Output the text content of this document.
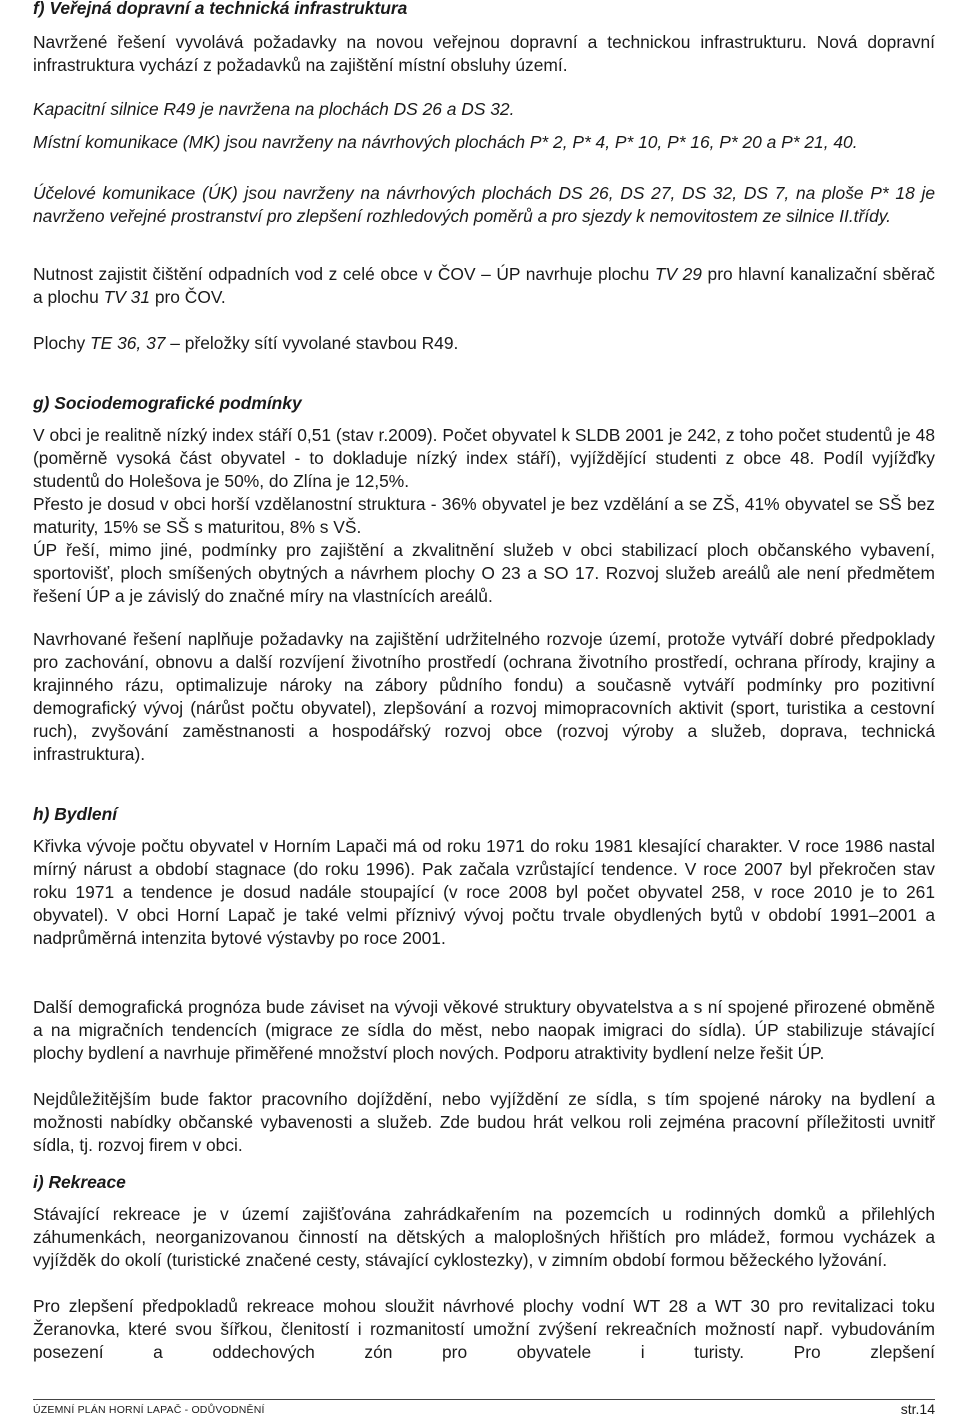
f) Veřejná dopravní a technická infrastruktura

Navržené řešení vyvolává požadavky na novou veřejnou dopravní a technickou infrastrukturu. Nová dopravní infrastruktura vychází z požadavků na zajištění místní obsluhy území.

Kapacitní silnice R49 je navržena na plochách DS 26 a DS 32.

Místní komunikace (MK) jsou navrženy na návrhových plochách P* 2, P* 4, P* 10, P* 16, P* 20 a P* 21, 40.

Účelové komunikace (ÚK) jsou navrženy na návrhových plochách DS 26, DS 27, DS 32, DS 7, na ploše P* 18 je navrženo veřejné prostranství pro zlepšení rozhledových poměrů a pro sjezdy k nemovitostem ze silnice II.třídy.

Nutnost zajistit čištění odpadních vod z celé obce v ČOV – ÚP navrhuje plochu TV 29 pro hlavní kanalizační sběrač a plochu TV 31 pro ČOV.

Plochy TE 36, 37 – přeložky sítí vyvolané stavbou R49.

g) Sociodemografické podmínky

V obci je realitně nízký index stáří 0,51 (stav r.2009). Počet obyvatel k SLDB 2001 je 242, z toho počet studentů je 48 (poměrně vysoká část obyvatel - to dokladuje nízký index stáří), vyjíždějící studenti z obce 48. Podíl vyjížďky studentů do Holešova je 50%, do Zlína je 12,5%.

Přesto je dosud v obci horší vzdělanostní struktura - 36% obyvatel je bez vzdělání a se ZŠ, 41% obyvatel se SŠ bez maturity, 15% se SŠ s maturitou, 8% s VŠ.

ÚP řeší, mimo jiné, podmínky pro zajištění a zkvalitnění služeb v obci stabilizací ploch občanského vybavení, sportovišť, ploch smíšených obytných a návrhem plochy O 23 a SO 17. Rozvoj služeb areálů ale není předmětem řešení ÚP a je závislý do značné míry na vlastnících areálů.

Navrhované řešení naplňuje požadavky na zajištění udržitelného rozvoje území, protože vytváří dobré předpoklady pro zachování, obnovu a další rozvíjení životního prostředí (ochrana životního prostředí, ochrana přírody, krajiny a krajinného rázu, optimalizuje nároky na zábory půdního fondu) a současně vytváří podmínky pro pozitivní demografický vývoj (nárůst počtu obyvatel), zlepšování a rozvoj mimopracovních aktivit (sport, turistika a cestovní ruch), zvyšování zaměstnanosti a hospodářský rozvoj obce (rozvoj výroby a služeb, doprava, technická infrastruktura).

h) Bydlení

Křivka vývoje počtu obyvatel v Horním Lapači má od roku 1971 do roku 1981 klesající charakter. V roce 1986 nastal mírný nárust a období stagnace (do roku 1996). Pak začala vzrůstající tendence. V roce 2007 byl překročen stav roku 1971 a tendence je dosud nadále stoupající (v roce 2008 byl počet obyvatel 258, v roce 2010 je to 261 obyvatel). V obci Horní Lapač je také velmi příznivý vývoj počtu trvale obydlených bytů v období 1991–2001 a nadprůměrná intenzita bytové výstavby po roce 2001.

Další demografická prognóza bude záviset na vývoji věkové struktury obyvatelstva a s ní spojené přirozené obměně a na migračních tendencích (migrace ze sídla do měst, nebo naopak imigraci do sídla). ÚP stabilizuje stávající plochy bydlení a navrhuje přiměřené množství ploch nových. Podporu atraktivity bydlení nelze řešit ÚP.

Nejdůležitějším bude faktor pracovního dojíždění, nebo vyjíždění ze sídla, s tím spojené nároky na bydlení a možnosti nabídky občanské vybavenosti a služeb. Zde budou hrát velkou roli zejména pracovní příležitosti uvnitř sídla, tj. rozvoj firem v obci.

i) Rekreace

Stávající rekreace je v území zajišťována zahrádkařením na pozemcích u rodinných domků a přilehlých záhumenkách, neorganizovanou činností na dětských a maloplošných hřištích pro mládež, formou vycházek a vyjížděk do okolí (turistické značené cesty, stávající cyklostezky), v zimním období formou běžeckého lyžování.

Pro zlepšení předpokladů rekreace mohou sloužit návrhové plochy vodní WT 28 a WT 30 pro revitalizaci toku Žeranovka, které svou šířkou, členitostí i rozmanitostí umožní zvýšení rekreačních možností např. vybudováním posezení a oddechových zón pro obyvatele i turisty. Pro zlepšení

ÚZEMNÍ PLÁN HORNÍ LAPAČ - ODŮVODNĚNÍ	str.14
